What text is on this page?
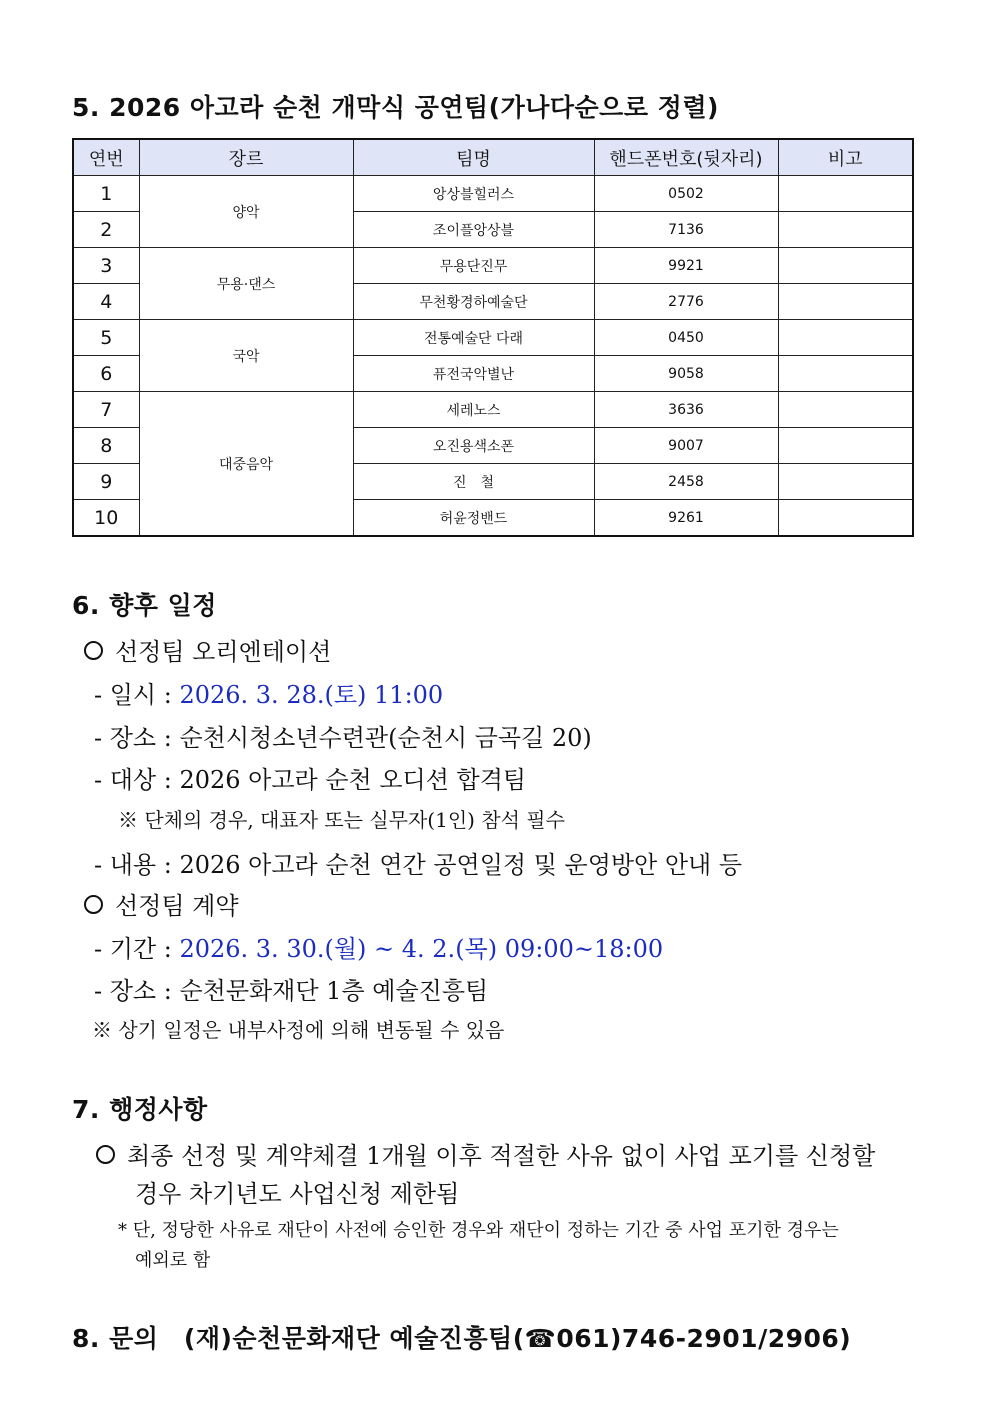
5. 2026 아고라 순천 개막식 공연팀(가나다순으로 정렬)
연번	장르	팀명	핸드폰번호(뒷자리)	비고
1	양악	앙상블힐러스	0502	
2		조이플앙상블	7136	
3	무용·댄스	무용단진무	9921	
4		무천황경하예술단	2776	
5	국악	전통예술단 다래	0450	
6		퓨전국악별난	9058	
7	대중음악	세레노스	3636	
8		오진용색소폰	9007	
9		진　철	2458	
10		허윤정밴드	9261	
6. 향후 일정
선정팀 오리엔테이션
- 일시 : 2026. 3. 28.(토) 11:00
- 장소 : 순천시청소년수련관(순천시 금곡길 20)
- 대상 : 2026 아고라 순천 오디션 합격팀
※ 단체의 경우, 대표자 또는 실무자(1인) 참석 필수
- 내용 : 2026 아고라 순천 연간 공연일정 및 운영방안 안내 등
선정팀 계약
- 기간 : 2026. 3. 30.(월) ~ 4. 2.(목) 09:00~18:00
- 장소 : 순천문화재단 1층 예술진흥팀
※ 상기 일정은 내부사정에 의해 변동될 수 있음
7. 행정사항
최종 선정 및 계약체결 1개월 이후 적절한 사유 없이 사업 포기를 신청할
경우 차기년도 사업신청 제한됨
* 단, 정당한 사유로 재단이 사전에 승인한 경우와 재단이 정하는 기간 중 사업 포기한 경우는
예외로 함
8. 문의　(재)순천문화재단 예술진흥팀(☎061)746-2901/2906)
